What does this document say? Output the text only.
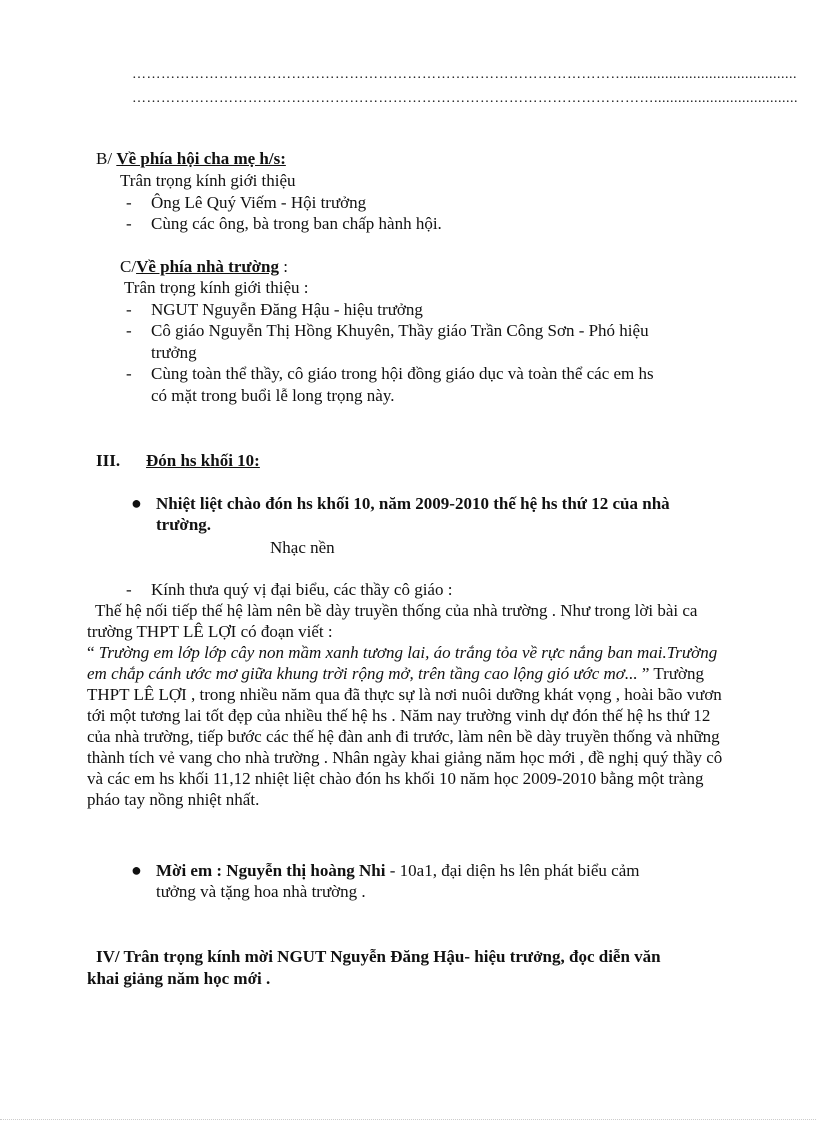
…………………………………………………………………………………………...........................................
………………………………………………………………………………………………....................................
B/ Về phía hội cha mẹ h/s:
Trân trọng kính giới thiệu
- Ông Lê Quý Viếm - Hội trưởng
- Cùng các ông, bà trong ban chấp hành hội.
C/Về phía nhà trường :
Trân trọng kính giới thiệu :
- NGUT Nguyễn Đăng Hậu - hiệu trưởng
- Cô giáo Nguyễn Thị Hồng Khuyên, Thầy giáo Trần Công Sơn - Phó hiệu
trưởng
- Cùng toàn thể thầy, cô giáo trong hội đồng giáo dục và toàn thể các em hs
có mặt trong buổi lễ long trọng này.
III. Đón hs khối 10:
● Nhiệt liệt chào đón hs khối 10, năm 2009-2010 thế hệ hs thứ 12 của nhà
trường.
Nhạc nền
- Kính thưa quý vị đại biểu, các thầy cô giáo :
Thế hệ nối tiếp thế hệ làm nên bề dày truyền thống của nhà trường . Như trong lời bài ca trường THPT LÊ LỢI có đoạn viết :
“ Trường em lớp lớp cây non mầm xanh tương lai, áo trắng tỏa về rực nắng ban mai.Trường em chắp cánh ước mơ giữa khung trời rộng mở, trên tầng cao lộng gió ước mơ... ” Trường THPT LÊ LỢI , trong nhiều năm qua đã thực sự là nơi nuôi dưỡng khát vọng , hoài bão vươn tới một tương lai tốt đẹp của nhiều thế hệ hs . Năm nay trường vinh dự đón thế hệ hs thứ 12 của nhà trường, tiếp bước các thế hệ đàn anh đi trước, làm nên bề dày truyền thống và những thành tích vẻ vang cho nhà trường . Nhân ngày khai giảng năm học mới , đề nghị quý thầy cô và các em hs khối 11,12 nhiệt liệt chào đón hs khối 10 năm học 2009-2010 bằng một tràng pháo tay nồng nhiệt nhất.
● Mời em : Nguyễn thị hoàng Nhi - 10a1, đại diện hs lên phát biểu cảm
tưởng và tặng hoa nhà trường .
IV/ Trân trọng kính mời NGUT Nguyễn Đăng Hậu- hiệu trưởng, đọc diễn văn
khai giảng năm học mới .
